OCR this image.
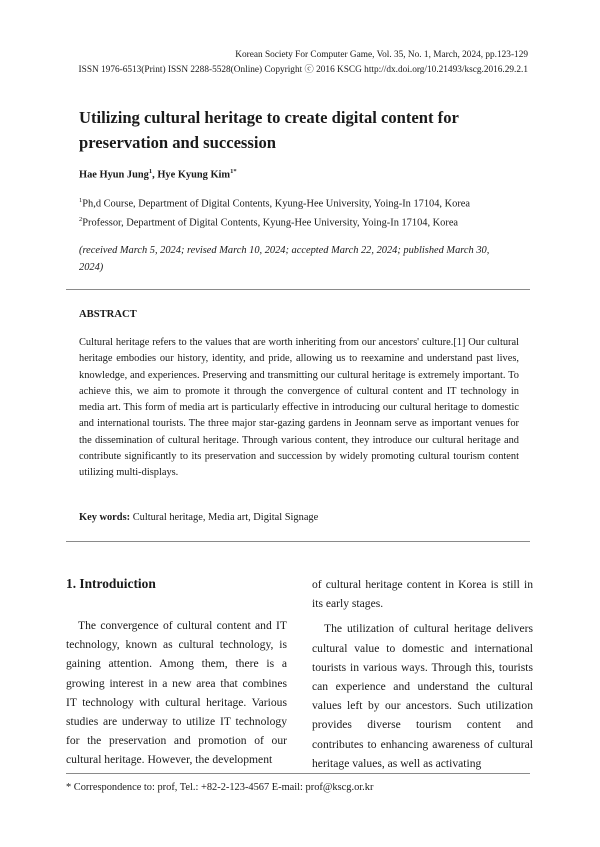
Korean Society For Computer Game, Vol. 35, No. 1, March, 2024, pp.123-129
ISSN 1976-6513(Print) ISSN 2288-5528(Online) Copyright ⓒ 2016 KSCG http://dx.doi.org/10.21493/kscg.2016.29.2.1
Utilizing cultural heritage to create digital content for preservation and succession
Hae Hyun Jung$^1$, Hye Kyung Kim$^{1*}$
$^1$Ph,d Course, Department of Digital Contents, Kyung-Hee University, Yoing-In 17104, Korea
$^2$Professor, Department of Digital Contents, Kyung-Hee University, Yoing-In 17104, Korea
(received March 5, 2024; revised March 10, 2024; accepted March 22, 2024; published March 30, 2024)
ABSTRACT
Cultural heritage refers to the values that are worth inheriting from our ancestors' culture.[1] Our cultural heritage embodies our history, identity, and pride, allowing us to reexamine and understand past lives, knowledge, and experiences. Preserving and transmitting our cultural heritage is extremely important. To achieve this, we aim to promote it through the convergence of cultural content and IT technology in media art. This form of media art is particularly effective in introducing our cultural heritage to domestic and international tourists. The three major star-gazing gardens in Jeonnam serve as important venues for the dissemination of cultural heritage. Through various content, they introduce our cultural heritage and contribute significantly to its preservation and succession by widely promoting cultural tourism content utilizing multi-displays.
Key words: Cultural heritage, Media art, Digital Signage
1. Introduiction

The convergence of cultural content and IT technology, known as cultural technology, is gaining attention. Among them, there is a growing interest in a new area that combines IT technology with cultural heritage. Various studies are underway to utilize IT technology for the preservation and promotion of our cultural heritage. However, the development

of cultural heritage content in Korea is still in its early stages.

The utilization of cultural heritage delivers cultural value to domestic and international tourists in various ways. Through this, tourists can experience and understand the cultural values left by our ancestors. Such utilization provides diverse tourism content and contributes to enhancing awareness of cultural heritage values, as well as activating

* Correspondence to: prof, Tel.: +82-2-123-4567 E-mail: prof@kscg.or.kr
